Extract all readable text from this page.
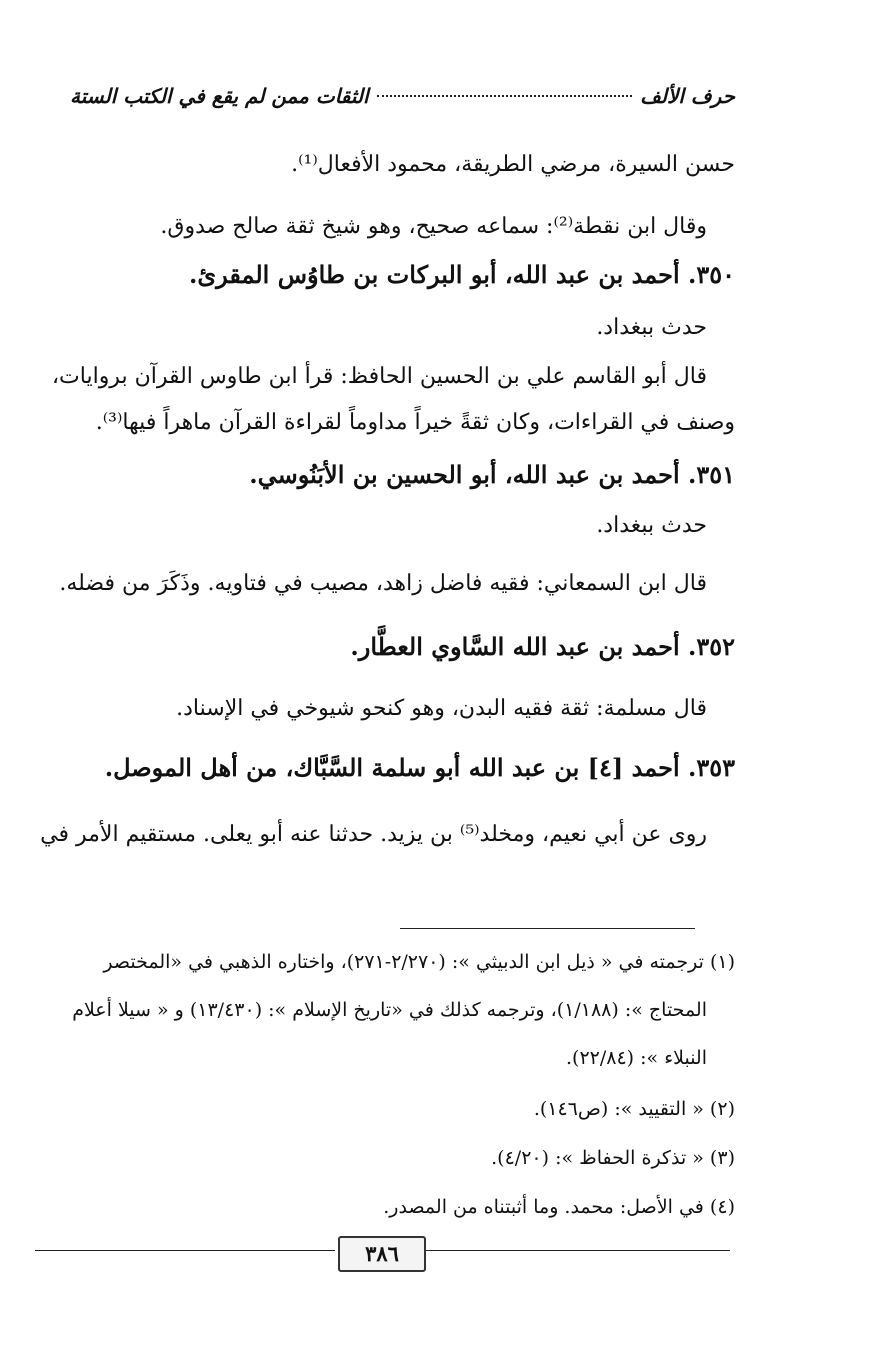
حرف الألف
الثقات ممن لم يقع في الكتب الستة
حسن السيرة، مرضي الطريقة، محمود الأفعال⁽¹⁾.
وقال ابن نقطة⁽²⁾: سماعه صحيح، وهو شيخ ثقة صالح صدوق.
٣٥٠. أحمد بن عبد الله، أبو البركات بن طاوُس المقرئ.
حدث ببغداد.
قال أبو القاسم علي بن الحسين الحافظ: قرأ ابن طاوس القرآن بروايات،
وصنف في القراءات، وكان ثقةً خيراً مداوماً لقراءة القرآن ماهراً فيها⁽³⁾.
٣٥١. أحمد بن عبد الله، أبو الحسين بن الأبَنُوسي.
حدث ببغداد.
قال ابن السمعاني: فقيه فاضل زاهد، مصيب في فتاويه. وذَكَرَ من فضله.
٣٥٢. أحمد بن عبد الله السَّاوي العطَّار.
قال مسلمة: ثقة فقيه البدن، وهو كنحو شيوخي في الإسناد.
٣٥٣. أحمد [٤] بن عبد الله أبو سلمة السَّبَّاك، من أهل الموصل.
روى عن أبي نعيم، ومخلد⁽⁵⁾ بن يزيد. حدثنا عنه أبو يعلى. مستقيم الأمر في
(١) ترجمته في « ذيل ابن الدبيثي »: (٢/٢٧٠-٢٧١)، واختاره الذهبي في «المختصر
المحتاج »: (١/١٨٨)، وترجمه كذلك في «تاريخ الإسلام »: (١٣/٤٣٠) و « سيلا أعلام
النبلاء »: (٢٢/٨٤).
(٢) « التقييد »: (ص١٤٦).
(٣) « تذكرة الحفاظ »: (٤/٢٠).
(٤) في الأصل: محمد. وما أثبتناه من المصدر.
٣٨٦
